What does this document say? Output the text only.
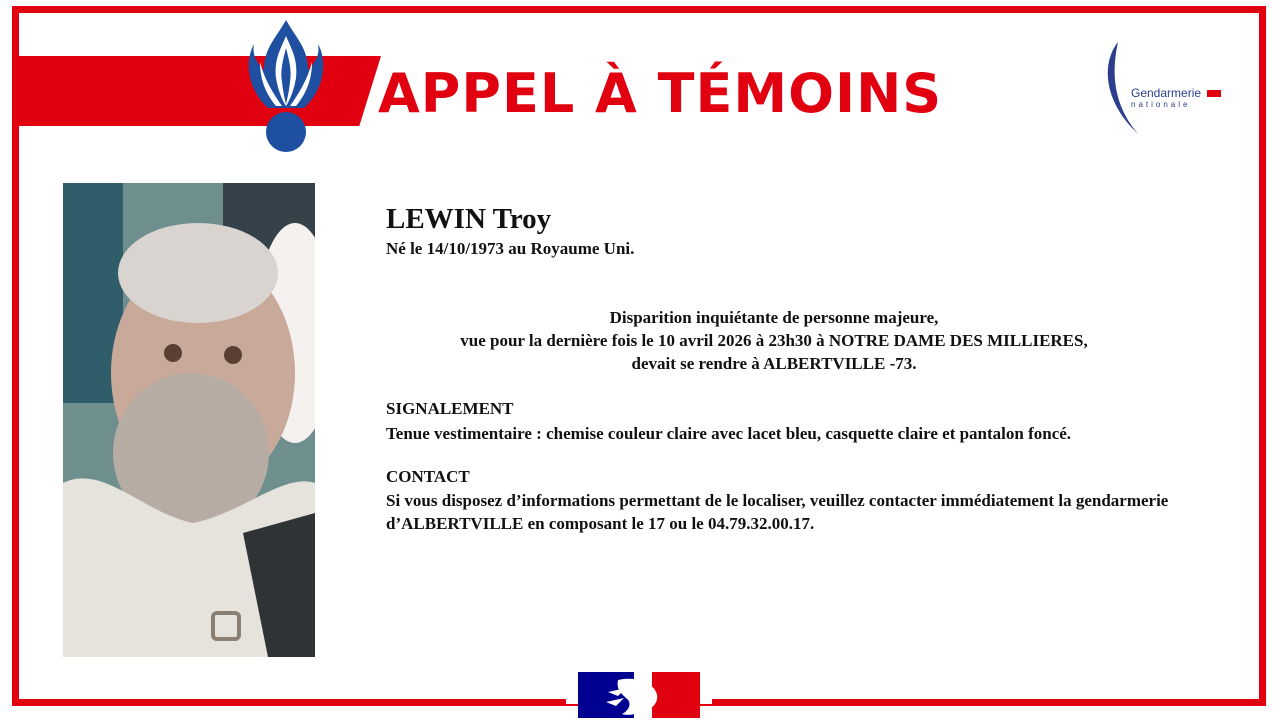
APPEL À TÉMOINS	Gendarmerie
nationale
LEWIN Troy
Né le 14/10/1973 au Royaume Uni.
Disparition inquiétante de personne majeure,
vue pour la dernière fois le 10 avril 2026 à 23h30 à NOTRE DAME DES MILLIERES,
devait se rendre à ALBERTVILLE -73.
SIGNALEMENT
Tenue vestimentaire : chemise couleur claire avec lacet bleu, casquette claire et pantalon foncé.
CONTACT
Si vous disposez d’informations permettant de le localiser, veuillez contacter immédiatement la gendarmerie d’ALBERTVILLE en composant le 17 ou le 04.79.32.00.17.
